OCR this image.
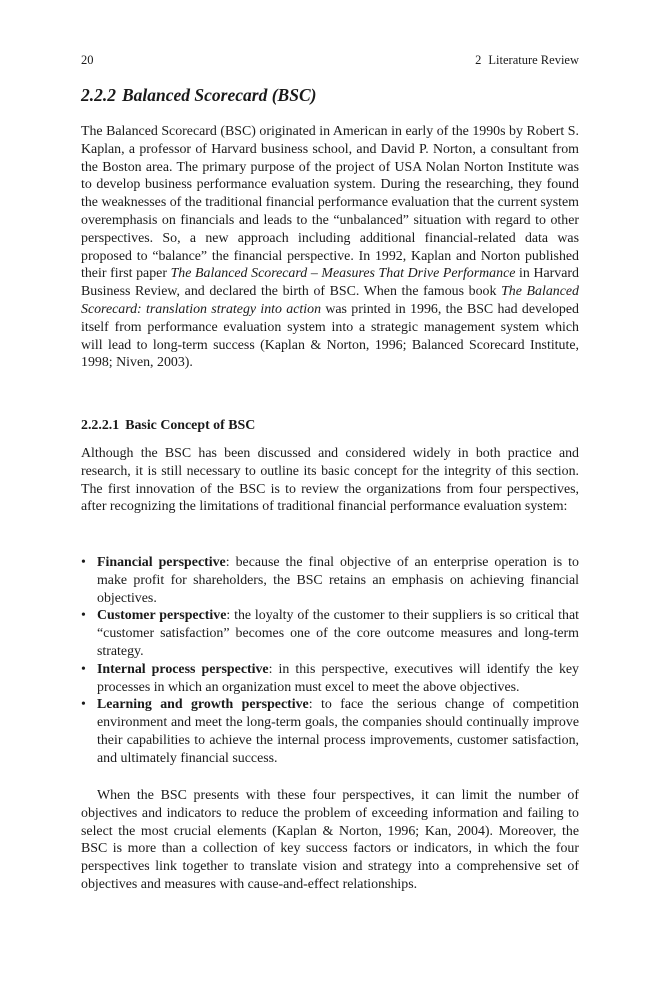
20	2 Literature Review
2.2.2 Balanced Scorecard (BSC)

The Balanced Scorecard (BSC) originated in American in early of the 1990s by Robert S. Kaplan, a professor of Harvard business school, and David P. Norton, a consultant from the Boston area. The primary purpose of the project of USA Nolan Norton Institute was to develop business performance evaluation system. During the researching, they found the weaknesses of the traditional financial performance evaluation that the current system overemphasis on financials and leads to the “unbalanced” situation with regard to other perspectives. So, a new approach including additional financial-related data was proposed to “balance” the financial perspective. In 1992, Kaplan and Norton published their first paper The Balanced Scorecard – Measures That Drive Performance in Harvard Business Review, and declared the birth of BSC. When the famous book The Balanced Scorecard: translation strategy into action was printed in 1996, the BSC had developed itself from performance evaluation system into a strategic management system which will lead to long-term success (Kaplan & Norton, 1996; Balanced Scorecard Institute, 1998; Niven, 2003).

2.2.2.1 Basic Concept of BSC

Although the BSC has been discussed and considered widely in both practice and research, it is still necessary to outline its basic concept for the integrity of this section. The first innovation of the BSC is to review the organizations from four perspectives, after recognizing the limitations of traditional financial performance evaluation system:

• Financial perspective: because the final objective of an enterprise operation is to make profit for shareholders, the BSC retains an emphasis on achieving financial objectives.
• Customer perspective: the loyalty of the customer to their suppliers is so critical that “customer satisfaction” becomes one of the core outcome measures and long-term strategy.
• Internal process perspective: in this perspective, executives will identify the key processes in which an organization must excel to meet the above objectives.
• Learning and growth perspective: to face the serious change of competition environment and meet the long-term goals, the companies should continually improve their capabilities to achieve the internal process improvements, customer satisfaction, and ultimately financial success.

When the BSC presents with these four perspectives, it can limit the number of objectives and indicators to reduce the problem of exceeding information and failing to select the most crucial elements (Kaplan & Norton, 1996; Kan, 2004). Moreover, the BSC is more than a collection of key success factors or indicators, in which the four perspectives link together to translate vision and strategy into a comprehensive set of objectives and measures with cause-and-effect relationships.
